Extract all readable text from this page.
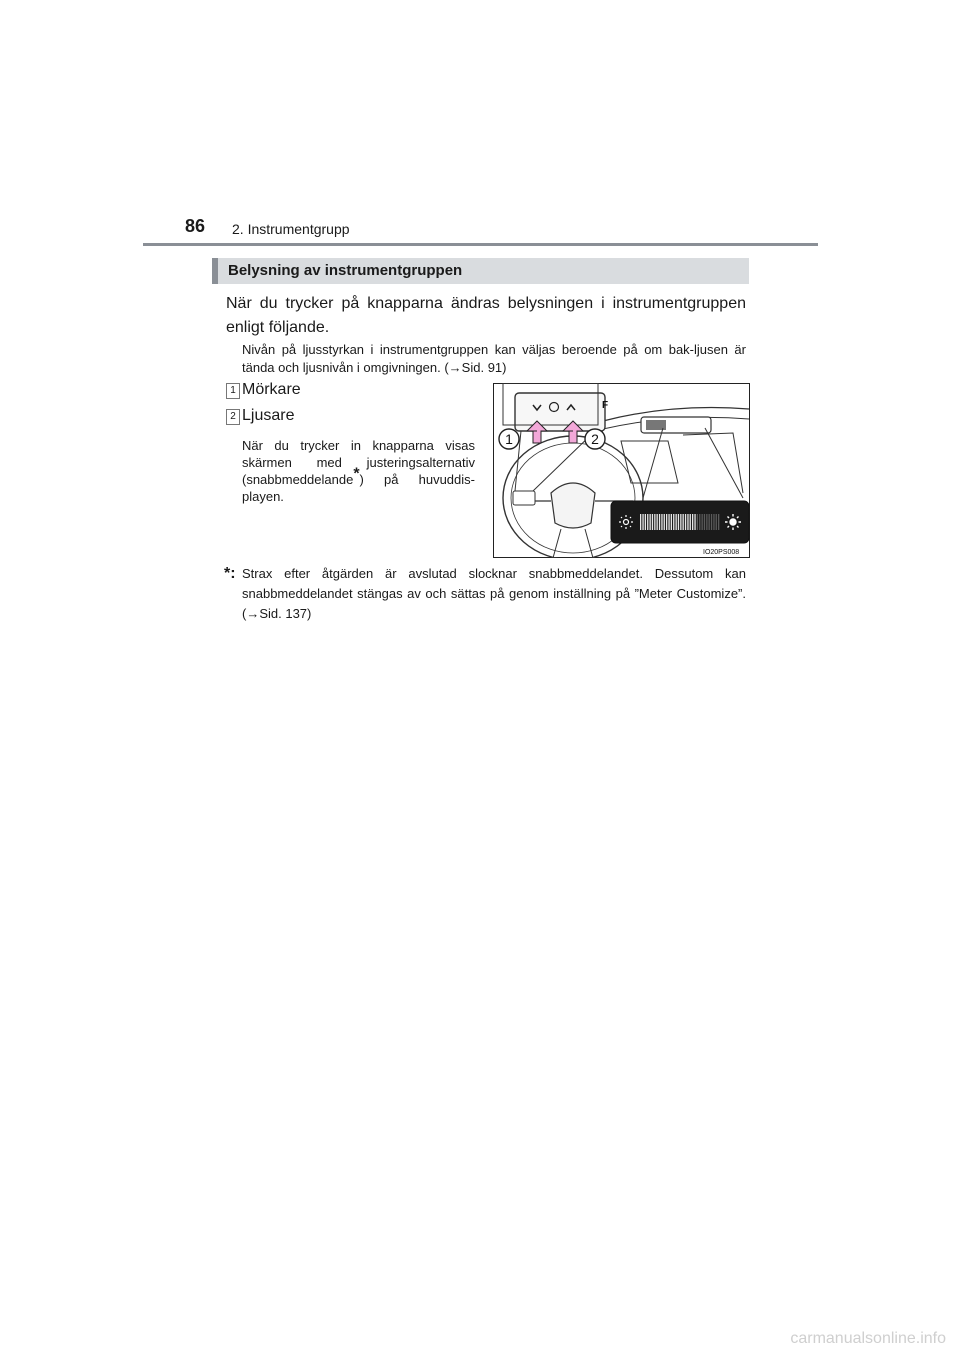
86 2. Instrumentgrupp
Belysning av instrumentgruppen
När du trycker på knapparna ändras belysningen i instrumentgruppen enligt följande.
Nivån på ljusstyrkan i instrumentgruppen kan väljas beroende på om bak-ljusen är tända och ljusnivån i omgivningen. (→Sid. 91)
1 Mörkare
2 Ljusare
När du trycker in knapparna visas skärmen med justeringsalternativ (snabbmeddelande*) på huvuddis-playen.
F
1	2
IO20PS008
*: Strax efter åtgärden är avslutad slocknar snabbmeddelandet. Dessutom kan snabbmeddelandet stängas av och sättas på genom inställning på ”Meter Customize”. (→Sid. 137)
carmanualsonline.info
